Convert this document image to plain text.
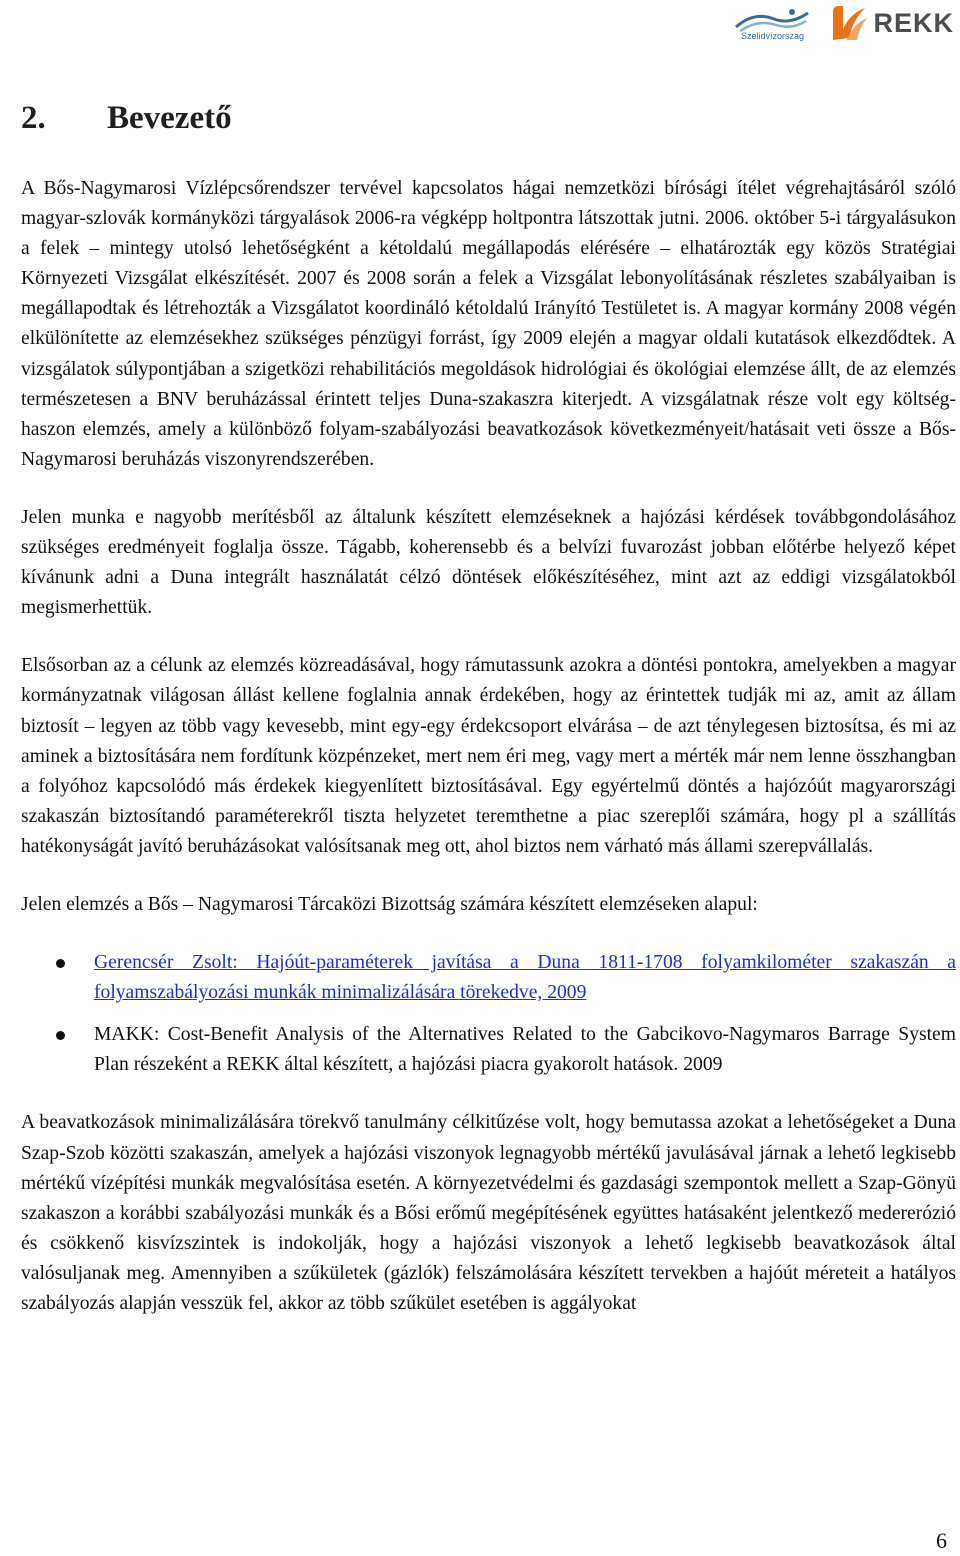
Szelidvízorszag	REKK
2.	Bevezető

A Bős-Nagymarosi Vízlépcsőrendszer tervével kapcsolatos hágai nemzetközi bírósági ítélet végrehajtásáról szóló magyar-szlovák kormányközi tárgyalások 2006-ra végképp holtpontra látszottak jutni. 2006. október 5-i tárgyalásukon a felek – mintegy utolsó lehetőségként a kétoldalú megállapodás elérésére – elhatározták egy közös Stratégiai Környezeti Vizsgálat elkészítését. 2007 és 2008 során a felek a Vizsgálat lebonyolításának részletes szabályaiban is megállapodtak és létrehozták a Vizsgálatot koordináló kétoldalú Irányító Testületet is. A magyar kormány 2008 végén elkülönítette az elemzésekhez szükséges pénzügyi forrást, így 2009 elején a magyar oldali kutatások elkezdődtek. A vizsgálatok súlypontjában a szigetközi rehabilitációs megoldások hidrológiai és ökológiai elemzése állt, de az elemzés természetesen a BNV beruházással érintett teljes Duna-szakaszra kiterjedt. A vizsgálatnak része volt egy költség-haszon elemzés, amely a különböző folyam-szabályozási beavatkozások következményeit/hatásait veti össze a Bős-Nagymarosi beruházás viszonyrendszerében.

Jelen munka e nagyobb merítésből az általunk készített elemzéseknek a hajózási kérdések továbbgondolásához szükséges eredményeit foglalja össze. Tágabb, koherensebb és a belvízi fuvarozást jobban előtérbe helyező képet kívánunk adni a Duna integrált használatát célzó döntések előkészítéséhez, mint azt az eddigi vizsgálatokból megismerhettük.

Elsősorban az a célunk az elemzés közreadásával, hogy rámutassunk azokra a döntési pontokra, amelyekben a magyar kormányzatnak világosan állást kellene foglalnia annak érdekében, hogy az érintettek tudják mi az, amit az állam biztosít – legyen az több vagy kevesebb, mint egy-egy érdekcsoport elvárása – de azt ténylegesen biztosítsa, és mi az aminek a biztosítására nem fordítunk közpénzeket, mert nem éri meg, vagy mert a mérték már nem lenne összhangban a folyóhoz kapcsolódó más érdekek kiegyenlített biztosításával. Egy egyértelmű döntés a hajózóút magyarországi szakaszán biztosítandó paraméterekről tiszta helyzetet teremthetne a piac szereplői számára, hogy pl a szállítás hatékonyságát javító beruházásokat valósítsanak meg ott, ahol biztos nem várható más állami szerepvállalás.

Jelen elemzés a Bős – Nagymarosi Tárcaközi Bizottság számára készített elemzéseken alapul:

Gerencsér Zsolt: Hajóút-paraméterek javítása a Duna 1811-1708 folyamkilométer szakaszán a folyamszabályozási munkák minimalizálására törekedve, 2009
MAKK: Cost-Benefit Analysis of the Alternatives Related to the Gabcikovo-Nagymaros Barrage System Plan részeként a REKK által készített, a hajózási piacra gyakorolt hatások. 2009

A beavatkozások minimalizálására törekvő tanulmány célkitűzése volt, hogy bemutassa azokat a lehetőségeket a Duna Szap-Szob közötti szakaszán, amelyek a hajózási viszonyok legnagyobb mértékű javulásával járnak a lehető legkisebb mértékű vízépítési munkák megvalósítása esetén. A környezetvédelmi és gazdasági szempontok mellett a Szap-Gönyü szakaszon a korábbi szabályozási munkák és a Bősi erőmű megépítésének együttes hatásaként jelentkező medererózió és csökkenő kisvízszintek is indokolják, hogy a hajózási viszonyok a lehető legkisebb beavatkozások által valósuljanak meg. Amennyiben a szűkületek (gázlók) felszámolására készített tervekben a hajóút méreteit a hatályos szabályozás alapján vesszük fel, akkor az több szűkület esetében is aggályokat

6
